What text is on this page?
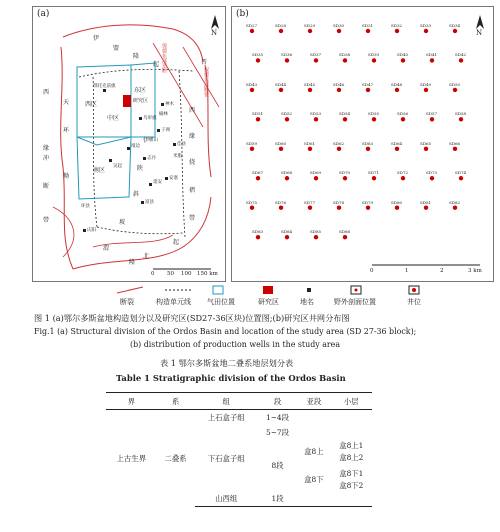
(a)
N
西区
中区
东区
南区
研究区
保德东部断裂
保德东部逆断
伊
盟
隆
起	晋
西
缘
天
环
拗
冲
断
带
伊
陕
斜
坡
渭
北
隆
起
西
缘
挠
褶
带
鄂托克前旗
靖边
吴起
子洲
延安
富县
庆阳
志丹
安塞
乌审旗
神木
榆林
佳县
米脂
横山
环县
0 50 100 150 km
(b)
SD27	SD28	SD29	SD30	SD31	SD32	SD33	SD34
SD35	SD36	SD37	SD38	SD39	SD40	SD41	SD42
SD43	SD44	SD45	SD46	SD47	SD48	SD49	SD50
SD51	SD52	SD53	SD54	SD55	SD56	SD57	SD58
SD59	SD60	SD61	SD62	SD63	SD64	SD65	SD66
SD67	SD68	SD69	SD70	SD71	SD72	SD73	SD74
SD75	SD76	SD77	SD78	SD79	SD80	SD81	SD82
SD83	SD84	SD85	SD86
N
0	1	2	3 km
断裂	构造单元线 气田位置	研究区	地名	野外剖面位置	井位
图 1 (a)鄂尔多斯盆地构造划分以及研究区(SD27-36区块)位置图;(b)研究区井网分布图
Fig.1 (a) Structural division of the Ordos Basin and location of the study area (SD 27-36 block);
(b) distribution of production wells in the study area
表 1 鄂尔多斯盆地二叠系地层划分表
Table 1 Stratigraphic division of the Ordos Basin
界	系	组	段	亚段	小层
上古生界	二叠系	上石盒子组	1~4段		
		下石盒子组	5~7段		
			8段	盒8上	盒8上1
					盒8上2

				盒8下	盒8下1
					盒8下2
		山西组	1段		
